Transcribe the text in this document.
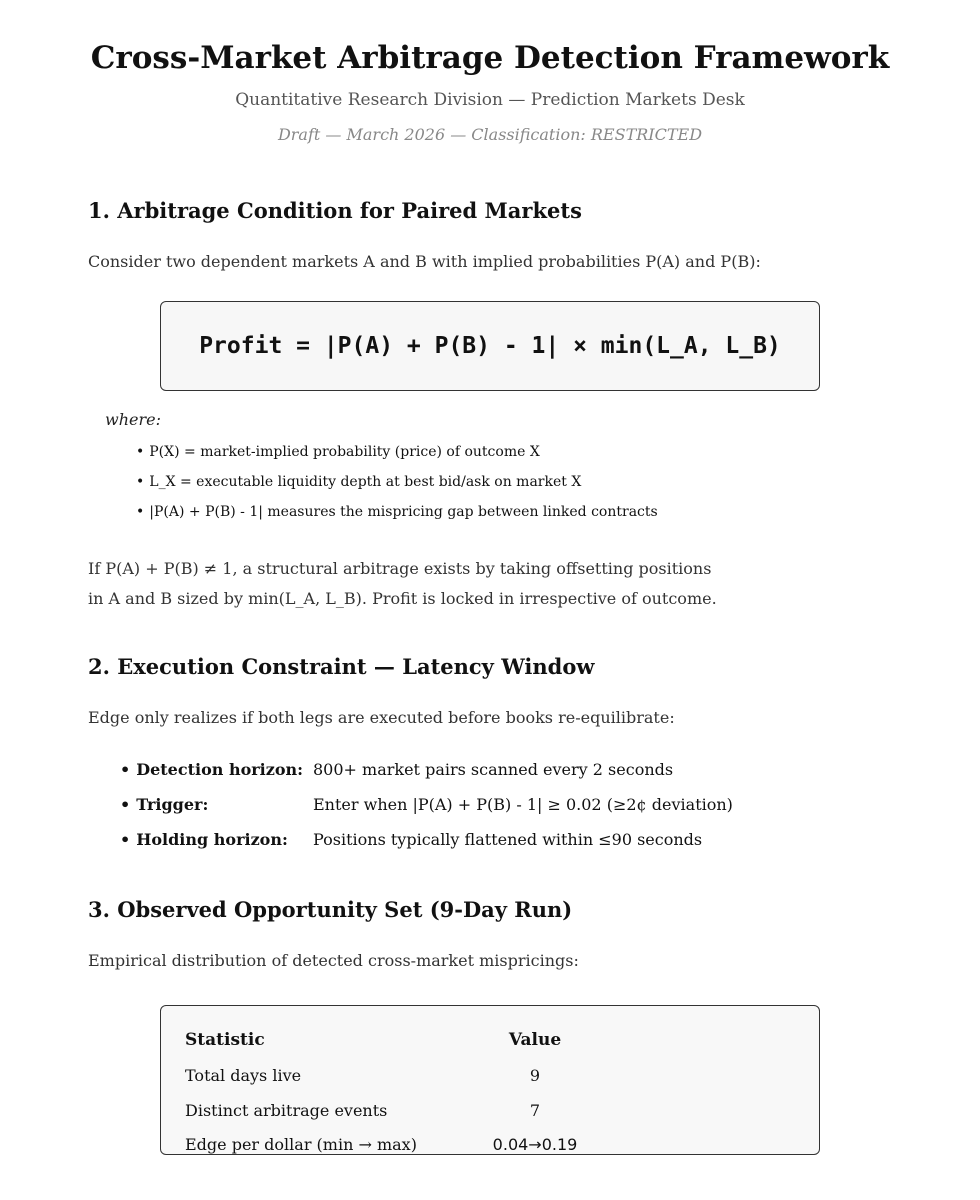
Cross-Market Arbitrage Detection Framework
Quantitative Research Division — Prediction Markets Desk
Draft — March 2026 — Classification: RESTRICTED
1. Arbitrage Condition for Paired Markets

Consider two dependent markets A and B with implied probabilities P(A) and P(B):

Profit = |P(A) + P(B) - 1| × min(L_A, L_B)
where:
• P(X) = market-implied probability (price) of outcome X
• L_X = executable liquidity depth at best bid/ask on market X
• |P(A) + P(B) - 1| measures the mispricing gap between linked contracts

If P(A) + P(B) ≠ 1, a structural arbitrage exists by taking offsetting positions

in A and B sized by min(L_A, L_B). Profit is locked in irrespective of outcome.

2. Execution Constraint — Latency Window

Edge only realizes if both legs are executed before books re-equilibrate:

• Detection horizon: 800+ market pairs scanned every 2 seconds
• Trigger:	Enter when |P(A) + P(B) - 1| ≥ 0.02 (≥2¢ deviation)
• Holding horizon:	Positions typically flattened within ≤90 seconds
3. Observed Opportunity Set (9-Day Run)

Empirical distribution of detected cross-market mispricings:

Statistic	Value
Total days live	9
Distinct arbitrage events	7
Edge per dollar (min → max)	0.04→0.19
